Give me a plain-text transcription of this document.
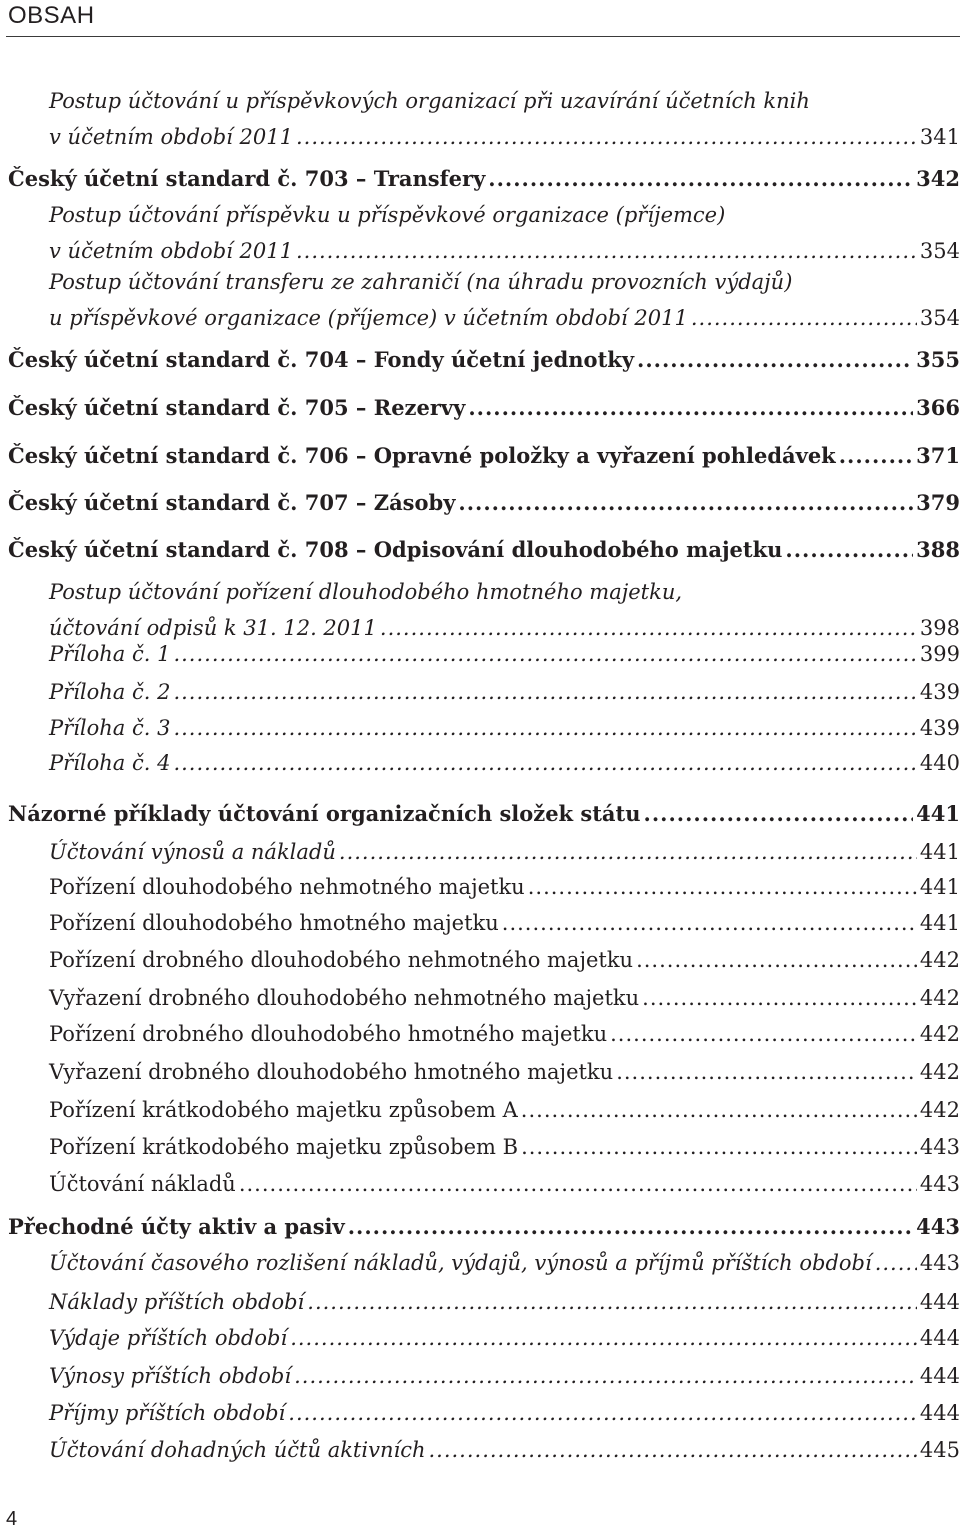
OBSAH
Postup účtování u příspěvkových organizací při uzavírání účetních knih
v účetním období 2011 .....	341
Český účetní standard č. 703 – Transfery .....	342
Postup účtování příspěvku u příspěvkové organizace (příjemce)
v účetním období 2011 .....	354
Postup účtování transferu ze zahraničí (na úhradu provozních výdajů)
u příspěvkové organizace (příjemce) v účetním období 2011 .....	354
Český účetní standard č. 704 – Fondy účetní jednotky .....	355
Český účetní standard č. 705 – Rezervy .....	366
Český účetní standard č. 706 – Opravné položky a vyřazení pohledávek .....	371
Český účetní standard č. 707 – Zásoby .....	379
Český účetní standard č. 708 – Odpisování dlouhodobého majetku .....	388
Postup účtování pořízení dlouhodobého hmotného majetku,
účtování odpisů k 31. 12. 2011 .....	398
Příloha č. 1 .....	399
Příloha č. 2 .....	439
Příloha č. 3 .....	439
Příloha č. 4 .....	440
Názorné příklady účtování organizačních složek státu .....	441
Účtování výnosů a nákladů .....	441
Pořízení dlouhodobého nehmotného majetku .....	441
Pořízení dlouhodobého hmotného majetku .....	441
Pořízení drobného dlouhodobého nehmotného majetku .....	442
Vyřazení drobného dlouhodobého nehmotného majetku .....	442
Pořízení drobného dlouhodobého hmotného majetku .....	442
Vyřazení drobného dlouhodobého hmotného majetku .....	442
Pořízení krátkodobého majetku způsobem A .....	442
Pořízení krátkodobého majetku způsobem B .....	443
Účtování nákladů .....	443
Přechodné účty aktiv a pasiv .....	443
Účtování časového rozlišení nákladů, výdajů, výnosů a příjmů příštích období ..... 443
Náklady příštích období .....	444
Výdaje příštích období .....	444
Výnosy příštích období .....	444
Příjmy příštích období .....	444
Účtování dohadných účtů aktivních .....	445
4
